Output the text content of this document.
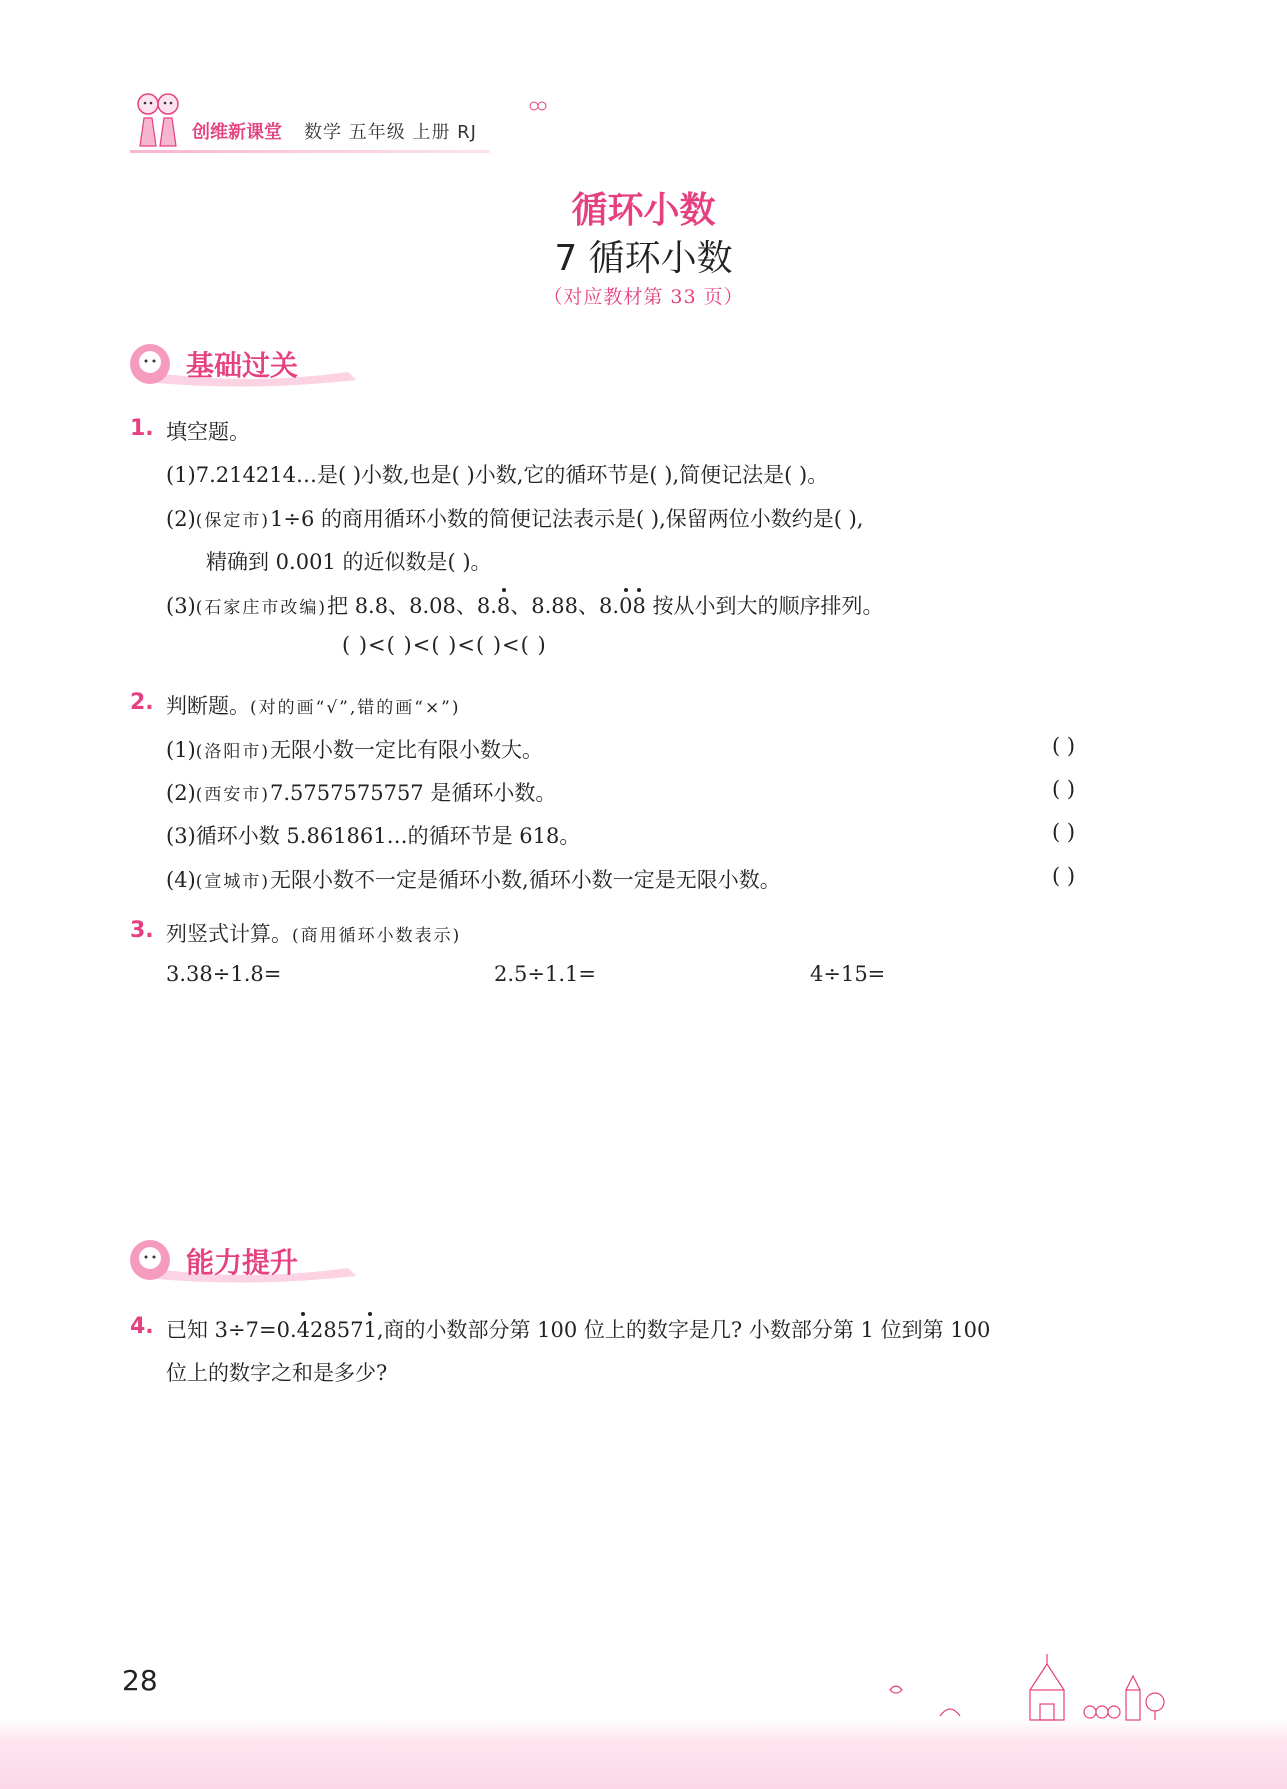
创维新课堂 数学 五年级 上册 RJ
循环小数
7 循环小数
（对应教材第 33 页）
基础过关
1. 填空题。
(1)7.214214…是( )小数,也是( )小数,它的循环节是( ),简便记法是( )。
(2)(保定市)1÷6 的商用循环小数的简便记法表示是( ),保留两位小数约是( ),
精确到 0.001 的近似数是( )。
(3)(石家庄市改编)把 8.8、8.08、8.8、8.88、8.08 按从小到大的顺序排列。
( )<( )<( )<( )<( )
2. 判断题。(对的画“√”,错的画“×”)
(1)(洛阳市)无限小数一定比有限小数大。	( )
(2)(西安市)7.5757575757 是循环小数。	( )
(3)循环小数 5.861861…的循环节是 618。	( )
(4)(宣城市)无限小数不一定是循环小数,循环小数一定是无限小数。	( )
3. 列竖式计算。(商用循环小数表示)
3.38÷1.8=	2.5÷1.1=	4÷15=
能力提升
4. 已知 3÷7=0.428571,商的小数部分第 100 位上的数字是几? 小数部分第 1 位到第 100
位上的数字之和是多少?
28
